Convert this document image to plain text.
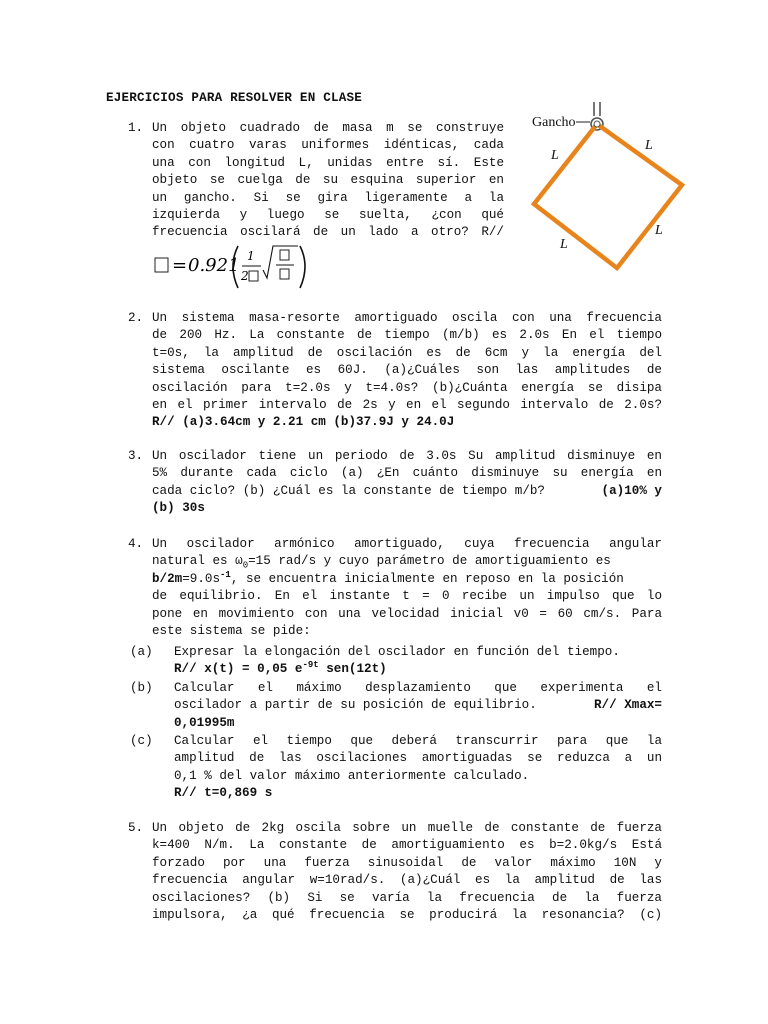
EJERCICIOS PARA RESOLVER EN CLASE
1. Un objeto cuadrado de masa m se construye
con cuatro varas uniformes idénticas, cada
una con longitud L, unidas entre sí. Este
objeto se cuelga de su esquina superior en
un gancho. Si se gira ligeramente a la
izquierda y luego se suelta, ¿con qué
frecuencia oscilará de un lado a otro? R//
= 0.921 1
2
Gancho
L
L
L
L
2. Un sistema masa-resorte amortiguado oscila con una frecuencia
de 200 Hz. La constante de tiempo (m/b) es 2.0s En el tiempo
t=0s, la amplitud de oscilación es de 6cm y la energía del
sistema oscilante es 60J. (a)¿Cuáles son las amplitudes de
oscilación para t=2.0s y t=4.0s? (b)¿Cuánta energía se disipa
en el primer intervalo de 2s y en el segundo intervalo de 2.0s?
R// (a)3.64cm y 2.21 cm (b)37.9J y 24.0J
3. Un oscilador tiene un periodo de 3.0s Su amplitud disminuye en
5% durante cada ciclo (a) ¿En cuánto disminuye su energía en
cada ciclo? (b) ¿Cuál es la constante de tiempo m/b?	(a)10% y
(b) 30s
4. Un oscilador armónico amortiguado, cuya frecuencia angular
natural es $\omega_0=15$ rad/s y cuyo parámetro de amortiguamiento es
$b/2m=9.0s^{-1}$, se encuentra inicialmente en reposo en la posición
de equilibrio. En el instante t = 0 recibe un impulso que lo
pone en movimiento con una velocidad inicial v0 = 60 cm/s. Para
este sistema se pide:
(a) Expresar la elongación del oscilador en función del tiempo.
R// x(t) = 0,05 $e^{-9t}$ sen(12t)
(b) Calcular el máximo desplazamiento que experimenta el
oscilador a partir de su posición de equilibrio.	R// Xmax=
0,01995m
(c) Calcular el tiempo que deberá transcurrir para que la
amplitud de las oscilaciones amortiguadas se reduzca a un
0,1 % del valor máximo anteriormente calculado.
R// t=0,869 s
5. Un objeto de 2kg oscila sobre un muelle de constante de fuerza
k=400 N/m. La constante de amortiguamiento es b=2.0kg/s Está
forzado por una fuerza sinusoidal de valor máximo 10N y
frecuencia angular w=10rad/s. (a)¿Cuál es la amplitud de las
oscilaciones? (b) Si se varía la frecuencia de la fuerza
impulsora, ¿a qué frecuencia se producirá la resonancia? (c)
